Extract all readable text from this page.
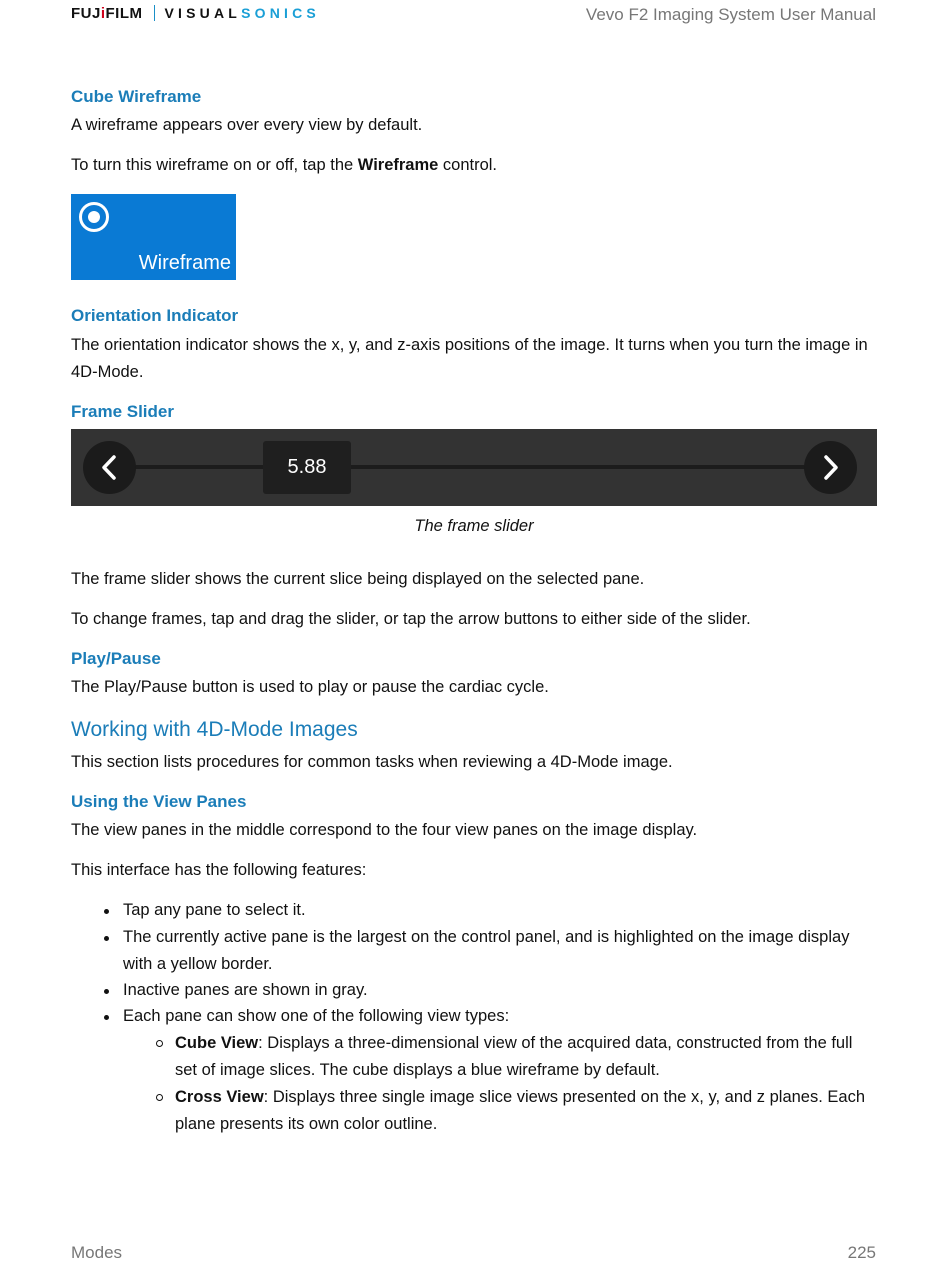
FUJiFILM VISUALSONICS	Vevo F2 Imaging System User Manual
Cube Wireframe

A wireframe appears over every view by default.

To turn this wireframe on or off, tap the Wireframe control.

Wireframe
Orientation Indicator

The orientation indicator shows the x, y, and z-axis positions of the image. It turns when you turn the image in 4D-Mode.

Frame Slider
5.88
The frame slider

The frame slider shows the current slice being displayed on the selected pane.

To change frames, tap and drag the slider, or tap the arrow buttons to either side of the slider.

Play/Pause

The Play/Pause button is used to play or pause the cardiac cycle.

Working with 4D-Mode Images

This section lists procedures for common tasks when reviewing a 4D-Mode image.

Using the View Panes

The view panes in the middle correspond to the four view panes on the image display.

This interface has the following features:

Tap any pane to select it.
The currently active pane is the largest on the control panel, and is highlighted on the image display with a yellow border.
Inactive panes are shown in gray.
Each pane can show one of the following view types:
Cube View: Displays a three-dimensional view of the acquired data, constructed from the full set of image slices. The cube displays a blue wireframe by default.
Cross View: Displays three single image slice views presented on the x, y, and z planes. Each plane presents its own color outline.
Modes	225
